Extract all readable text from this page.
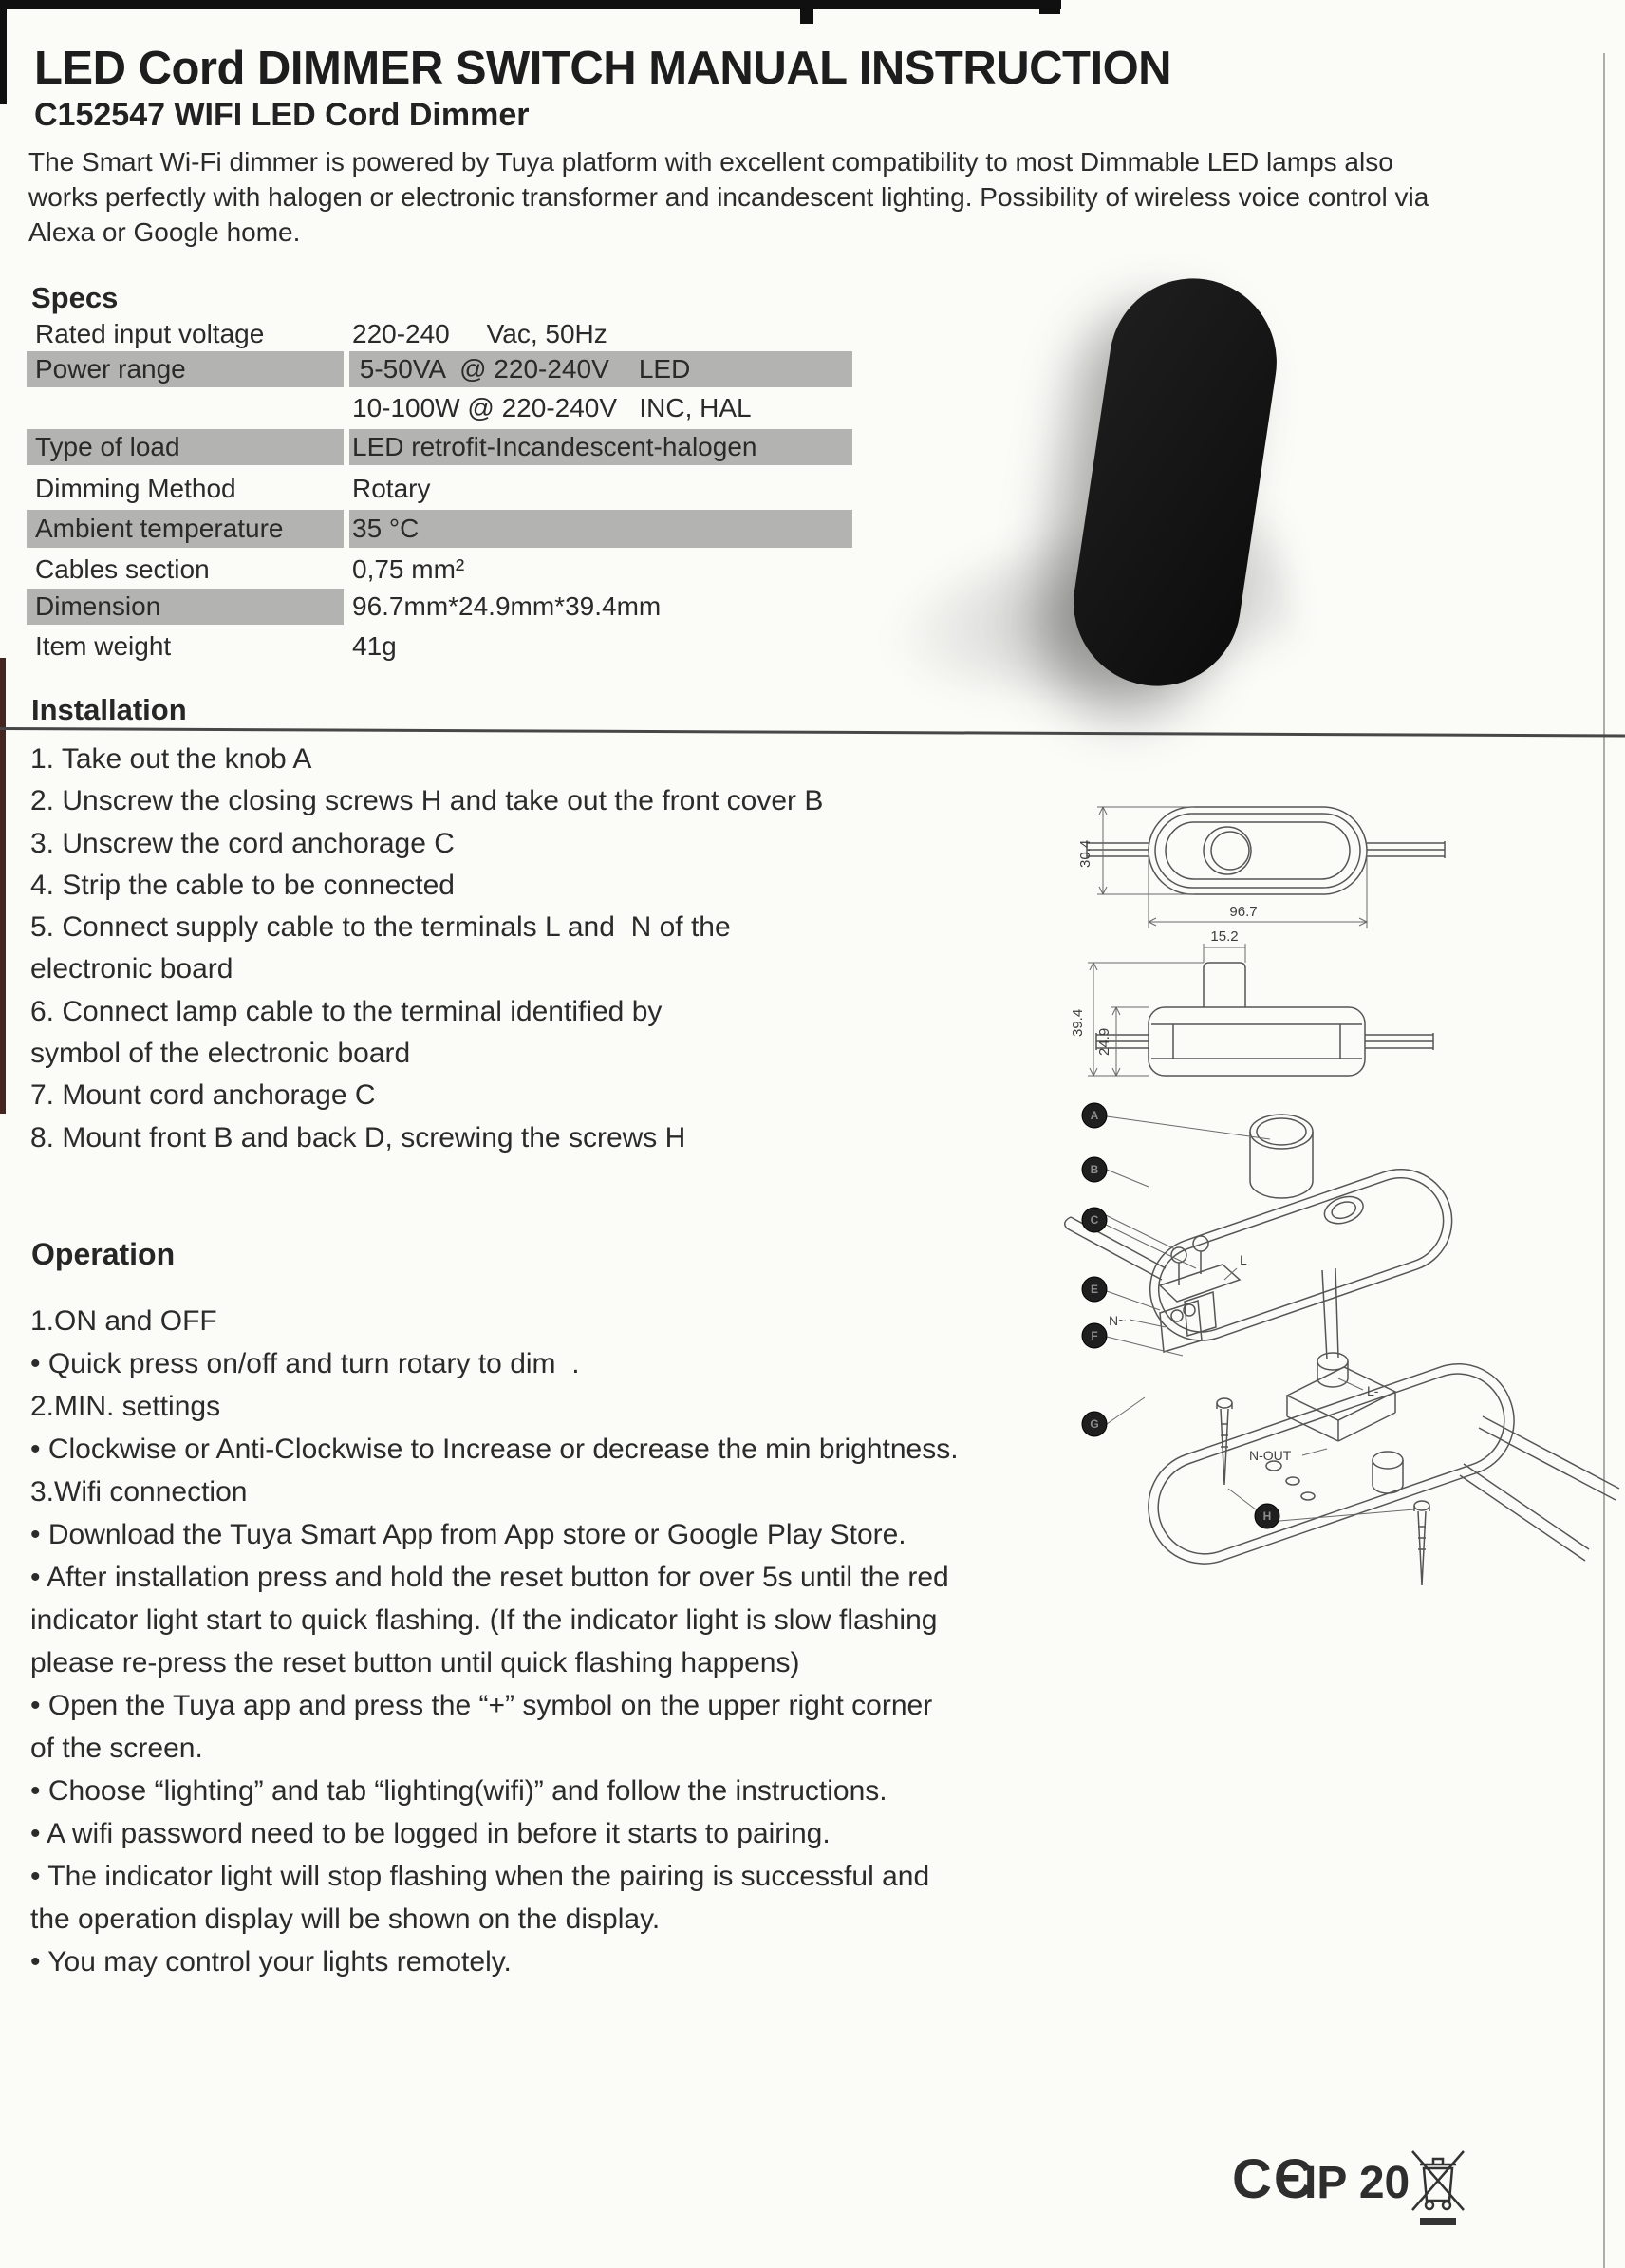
LED Cord DIMMER SWITCH MANUAL INSTRUCTION
C152547 WIFI LED Cord Dimmer
The Smart Wi-Fi dimmer is powered by Tuya platform with excellent compatibility to most Dimmable LED lamps also
works perfectly with halogen or electronic transformer and incandescent lighting. Possibility of wireless voice control via
Alexa or Google home.
Specs
Rated input voltage	220-240     Vac, 50Hz
Power range	5-50VA  @ 220-240V    LED
10-100W @ 220-240V   INC, HAL
Type of load	LED retrofit-Incandescent-halogen
Dimming Method	Rotary
Ambient temperature	35 °C
Cables section	0,75 mm²
Dimension	96.7mm*24.9mm*39.4mm
Item weight	41g
Installation
1. Take out the knob A
2. Unscrew the closing screws H and take out the front cover B
3. Unscrew the cord anchorage C
4. Strip the cable to be connected
5. Connect supply cable to the terminals L and  N of the
electronic board
6. Connect lamp cable to the terminal identified by
symbol of the electronic board
7. Mount cord anchorage C
8. Mount front B and back D, screwing the screws H
Operation
1.ON and OFF
• Quick press on/off and turn rotary to dim  .
2.MIN. settings
• Clockwise or Anti-Clockwise to Increase or decrease the min brightness.
3.Wifi connection
• Download the Tuya Smart App from App store or Google Play Store.
• After installation press and hold the reset button for over 5s until the red
indicator light start to quick flashing. (If the indicator light is slow flashing
please re-press the reset button until quick flashing happens)
• Open the Tuya app and press the “+” symbol on the upper right corner
of the screen.
• Choose “lighting” and tab “lighting(wifi)” and follow the instructions.
• A wifi password need to be logged in before it starts to pairing.
• The indicator light will stop flashing when the pairing is successful and
the operation display will be shown on the display.
• You may control your lights remotely.
30.4
96.7
15.2
39.4
24.9
A
B
C
E
F
G
H
N~
L
L-
N-OUT
CЄ
IP 20
